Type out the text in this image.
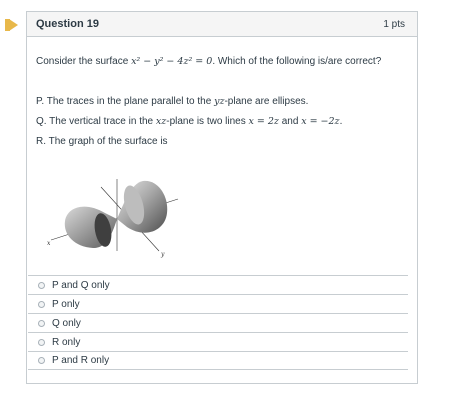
Question 19	1 pts
Consider the surface x² − y² − 4z² = 0. Which of the following is/are correct?
P. The traces in the plane parallel to the yz-plane are ellipses.
Q. The vertical trace in the xz-plane is two lines x = 2z and x = −2z.
R. The graph of the surface is
x
y
P and Q only
P only
Q only
R only
P and R only
